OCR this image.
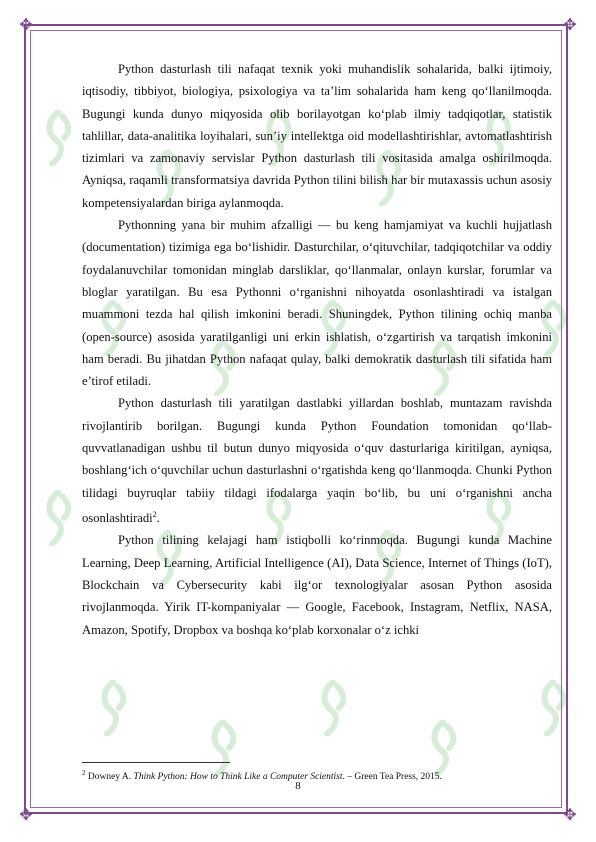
✥	✥
✥	✥

Python dasturlash tili nafaqat texnik yoki muhandislik sohalarida, balki ijtimoiy, iqtisodiy, tibbiyot, biologiya, psixologiya va ta’lim sohalarida ham keng qo‘llanilmoqda. Bugungi kunda dunyo miqyosida olib borilayotgan ko‘plab ilmiy tadqiqotlar, statistik tahlillar, data-analitika loyihalari, sun’iy intellektga oid modellashtirishlar, avtomatlashtirish tizimlari va zamonaviy servislar Python dasturlash tili vositasida amalga oshirilmoqda. Ayniqsa, raqamli transformatsiya davrida Python tilini bilish har bir mutaxassis uchun asosiy kompetensiyalardan biriga aylanmoqda.

Pythonning yana bir muhim afzalligi — bu keng hamjamiyat va kuchli hujjatlash (documentation) tizimiga ega bo‘lishidir. Dasturchilar, o‘qituvchilar, tadqiqotchilar va oddiy foydalanuvchilar tomonidan minglab darsliklar, qo‘llanmalar, onlayn kurslar, forumlar va bloglar yaratilgan. Bu esa Pythonni o‘rganishni nihoyatda osonlashtiradi va istalgan muammoni tezda hal qilish imkonini beradi. Shuningdek, Python tilining ochiq manba (open-source) asosida yaratilganligi uni erkin ishlatish, o‘zgartirish va tarqatish imkonini ham beradi. Bu jihatdan Python nafaqat qulay, balki demokratik dasturlash tili sifatida ham e’tirof etiladi.

Python dasturlash tili yaratilgan dastlabki yillardan boshlab, muntazam ravishda rivojlantirib borilgan. Bugungi kunda Python Foundation tomonidan qo‘llab-quvvatlanadigan ushbu til butun dunyo miqyosida o‘quv dasturlariga kiritilgan, ayniqsa, boshlang‘ich o‘quvchilar uchun dasturlashni o‘rgatishda keng qo‘llanmoqda. Chunki Python tilidagi buyruqlar tabiiy tildagi ifodalarga yaqin bo‘lib, bu uni o‘rganishni ancha osonlashtiradi$^2$.

Python tilining kelajagi ham istiqbolli ko‘rinmoqda. Bugungi kunda Machine Learning, Deep Learning, Artificial Intelligence (AI), Data Science, Internet of Things (IoT), Blockchain va Cybersecurity kabi ilg‘or texnologiyalar asosan Python asosida rivojlanmoqda. Yirik IT-kompaniyalar — Google, Facebook, Instagram, Netflix, NASA, Amazon, Spotify, Dropbox va boshqa ko‘plab korxonalar o‘z ichki

$^2$ Downey A. Think Python: How to Think Like a Computer Scientist. – Green Tea Press, 2015.
8
